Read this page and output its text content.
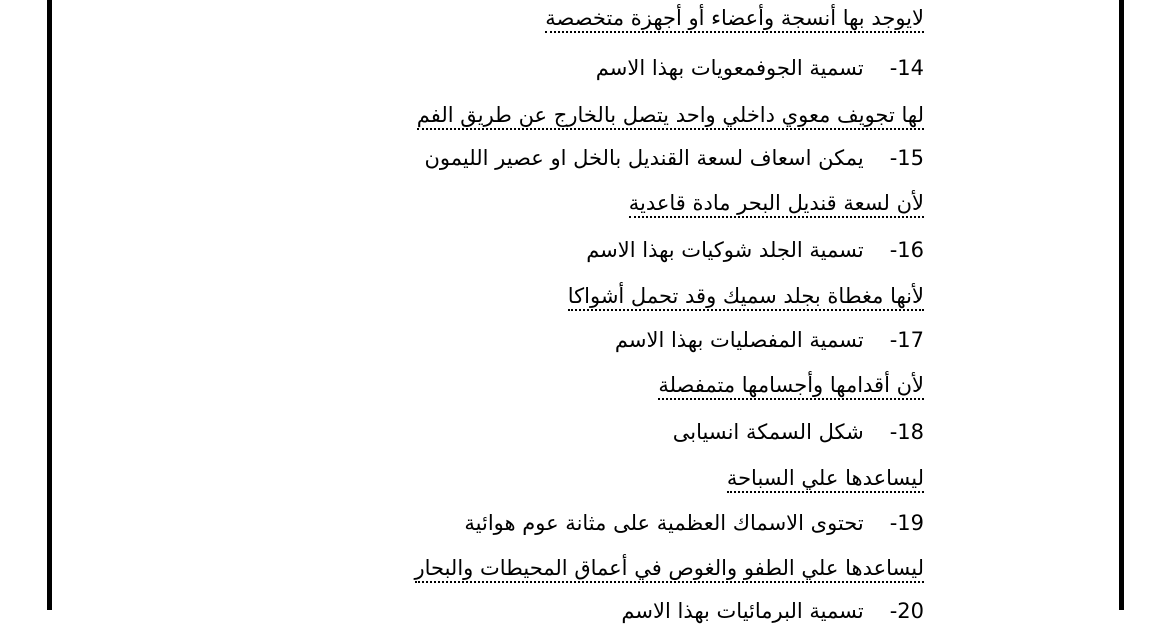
لايوجد بها أنسجة وأعضاء أو أجهزة متخصصة
14-تسمية الجوفمعويات بهذا الاسم
لها تجويف معوي داخلي واحد يتصل بالخارج عن طريق الفم
15-يمكن اسعاف لسعة القنديل بالخل او عصير الليمون
لأن لسعة قنديل البحر مادة قاعدية
16-تسمية الجلد شوكيات بهذا الاسم
لأنها مغطاة بجلد سميك وقد تحمل أشواكا
17-تسمية المفصليات بهذا الاسم
لأن أقدامها وأجسامها متمفصلة
18-شكل السمكة انسيابى
ليساعدها علي السباحة
19-تحتوى الاسماك العظمية على مثانة عوم هوائية
ليساعدها علي الطفو والغوص في أعماق المحيطات والبحار
20-تسمية البرمائيات بهذا الاسم
